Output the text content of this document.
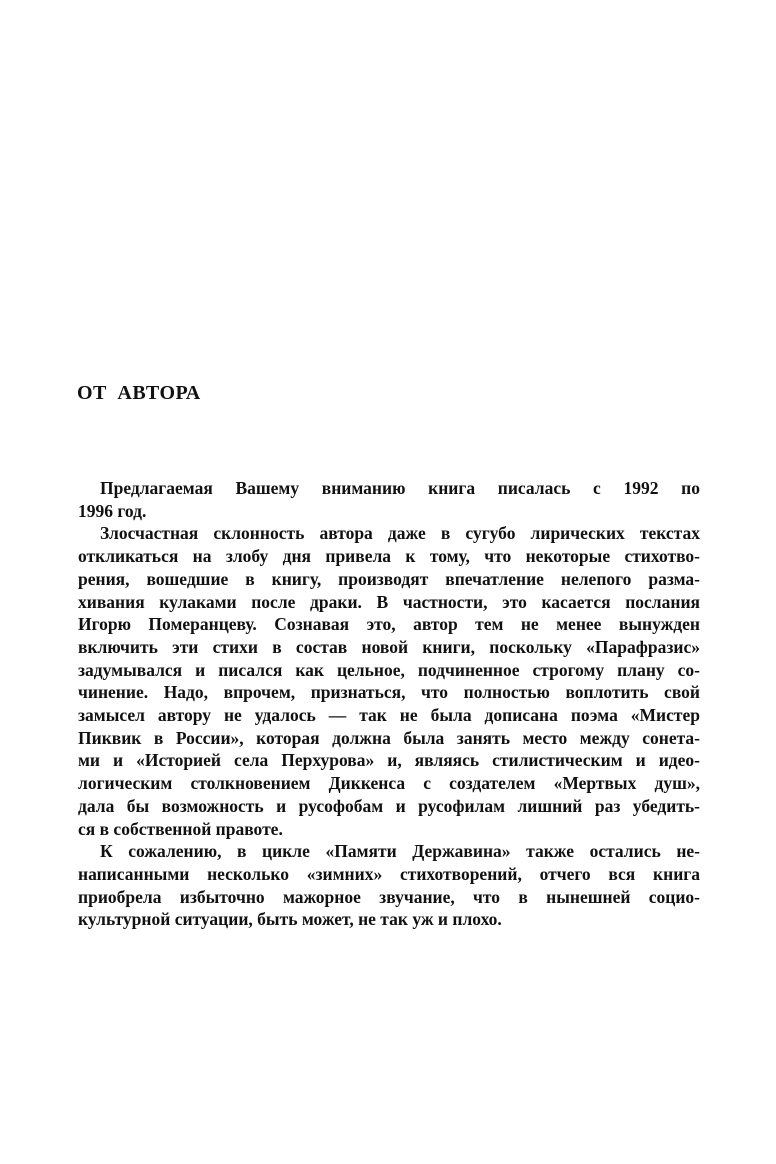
ОТ АВТОРА
Предлагаемая Вашему вниманию книга писалась с 1992 по
1996 год.
Злосчастная склонность автора даже в сугубо лирических текстах
откликаться на злобу дня привела к тому, что некоторые стихотво-
рения, вошедшие в книгу, производят впечатление нелепого разма-
хивания кулаками после драки. В частности, это касается послания
Игорю Померанцеву. Сознавая это, автор тем не менее вынужден
включить эти стихи в состав новой книги, поскольку «Парафразис»
задумывался и писался как цельное, подчиненное строгому плану со-
чинение. Надо, впрочем, признаться, что полностью воплотить свой
замысел автору не удалось — так не была дописана поэма «Мистер
Пиквик в России», которая должна была занять место между сонета-
ми и «Историей села Перхурова» и, являясь стилистическим и идео-
логическим столкновением Диккенса с создателем «Мертвых душ»,
дала бы возможность и русофобам и русофилам лишний раз убедить-
ся в собственной правоте.
К сожалению, в цикле «Памяти Державина» также остались не-
написанными несколько «зимних» стихотворений, отчего вся книга
приобрела избыточно мажорное звучание, что в нынешней социо-
культурной ситуации, быть может, не так уж и плохо.
